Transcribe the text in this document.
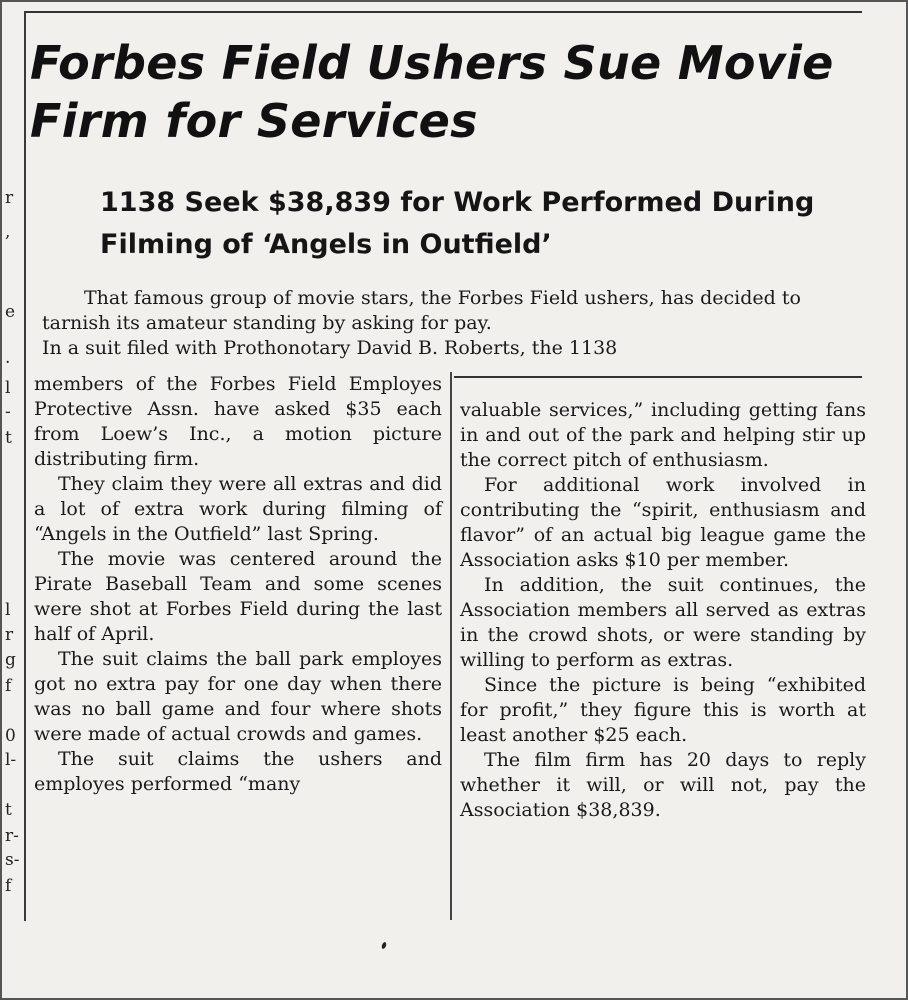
r
,
e
.
l
-
t
l
r
g
f
0
l-
t
r-
s-
f
Forbes Field Ushers Sue Movie Firm for Services
1138 Seek $38,839 for Work Performed During Filming of ‘Angels in Outfield’
That famous group of movie stars, the Forbes Field ushers, has decided to tarnish its amateur standing by asking for pay.
In a suit filed with Prothonotary David B. Roberts, the 1138

members of the Forbes Field Employes Protective Assn. have asked $35 each from Loew’s Inc., a motion picture distributing firm.

They claim they were all extras and did a lot of extra work during filming of “Angels in the Outfield” last Spring.

The movie was centered around the Pirate Baseball Team and some scenes were shot at Forbes Field during the last half of April.

The suit claims the ball park employes got no extra pay for one day when there was no ball game and four where shots were made of actual crowds and games.

The suit claims the ushers and employes performed “many

valuable services,” including getting fans in and out of the park and helping stir up the correct pitch of enthusiasm.

For additional work involved in contributing the “spirit, enthusiasm and flavor” of an actual big league game the Association asks $10 per member.

In addition, the suit continues, the Association members all served as extras in the crowd shots, or were standing by willing to perform as extras.

Since the picture is being “exhibited for profit,” they figure this is worth at least another $25 each.

The film firm has 20 days to reply whether it will, or will not, pay the Association $38,839.
